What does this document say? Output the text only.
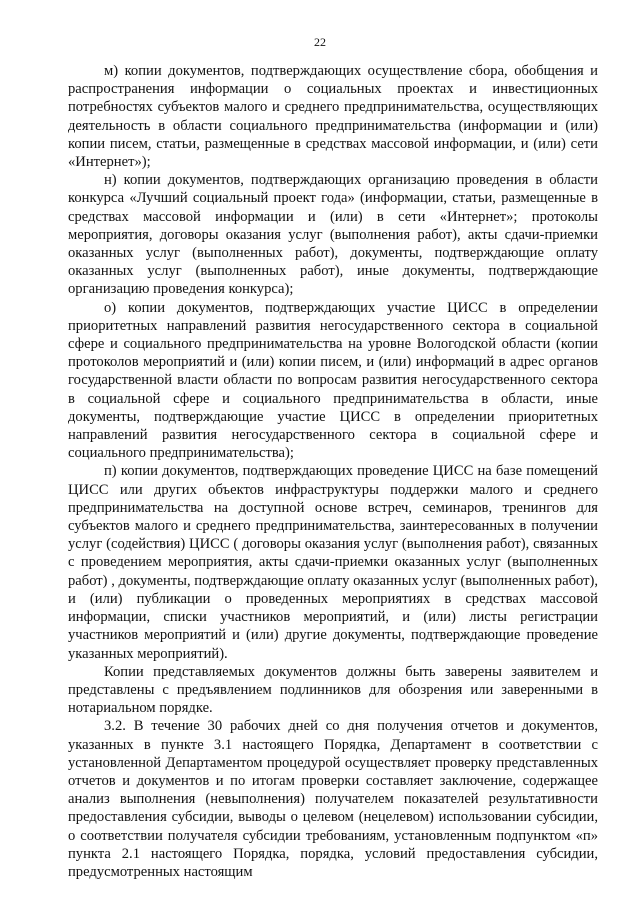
22

м) копии документов, подтверждающих осуществление сбора, обобщения и распространения информации о социальных проектах и инвестиционных потребностях субъектов малого и среднего предпринимательства, осуществляющих деятельность в области социального предпринимательства (информации и (или) копии писем, статьи, размещенные в средствах массовой информации, и (или) сети «Интернет»);

н) копии документов, подтверждающих организацию проведения в области конкурса «Лучший социальный проект года» (информации, статьи, размещенные в средствах массовой информации и (или) в сети «Интернет»; протоколы мероприятия, договоры оказания услуг (выполнения работ), акты сдачи-приемки оказанных услуг (выполненных работ), документы, подтверждающие оплату оказанных услуг (выполненных работ), иные документы, подтверждающие организацию проведения конкурса);

о) копии документов, подтверждающих участие ЦИСС в определении приоритетных направлений развития негосударственного сектора в социальной сфере и социального предпринимательства на уровне Вологодской области (копии протоколов мероприятий и (или) копии писем, и (или) информаций в адрес органов государственной власти области по вопросам развития негосударственного сектора в социальной сфере и социального предпринимательства в области, иные документы, подтверждающие участие ЦИСС в определении приоритетных направлений развития негосударственного сектора в социальной сфере и социального предпринимательства);

п) копии документов, подтверждающих проведение ЦИСС на базе помещений ЦИСС или других объектов инфраструктуры поддержки малого и среднего предпринимательства на доступной основе встреч, семинаров, тренингов для субъектов малого и среднего предпринимательства, заинтересованных в получении услуг (содействия) ЦИСС ( договоры оказания услуг (выполнения работ), связанных с проведением мероприятия, акты сдачи-приемки оказанных услуг (выполненных работ) , документы, подтверждающие оплату оказанных услуг (выполненных работ), и (или) публикации о проведенных мероприятиях в средствах массовой информации, списки участников мероприятий, и (или) листы регистрации участников мероприятий и (или) другие документы, подтверждающие проведение указанных мероприятий).

Копии представляемых документов должны быть заверены заявителем и представлены с предъявлением подлинников для обозрения или заверенными в нотариальном порядке.

3.2. В течение 30 рабочих дней со дня получения отчетов и документов, указанных в пункте 3.1 настоящего Порядка, Департамент в соответствии с установленной Департаментом процедурой осуществляет проверку представленных отчетов и документов и по итогам проверки составляет заключение, содержащее анализ выполнения (невыполнения) получателем показателей результативности предоставления субсидии, выводы о целевом (нецелевом) использовании субсидии, о соответствии получателя субсидии требованиям, установленным подпунктом «п» пункта 2.1 настоящего Порядка, порядка, условий предоставления субсидии, предусмотренных настоящим
